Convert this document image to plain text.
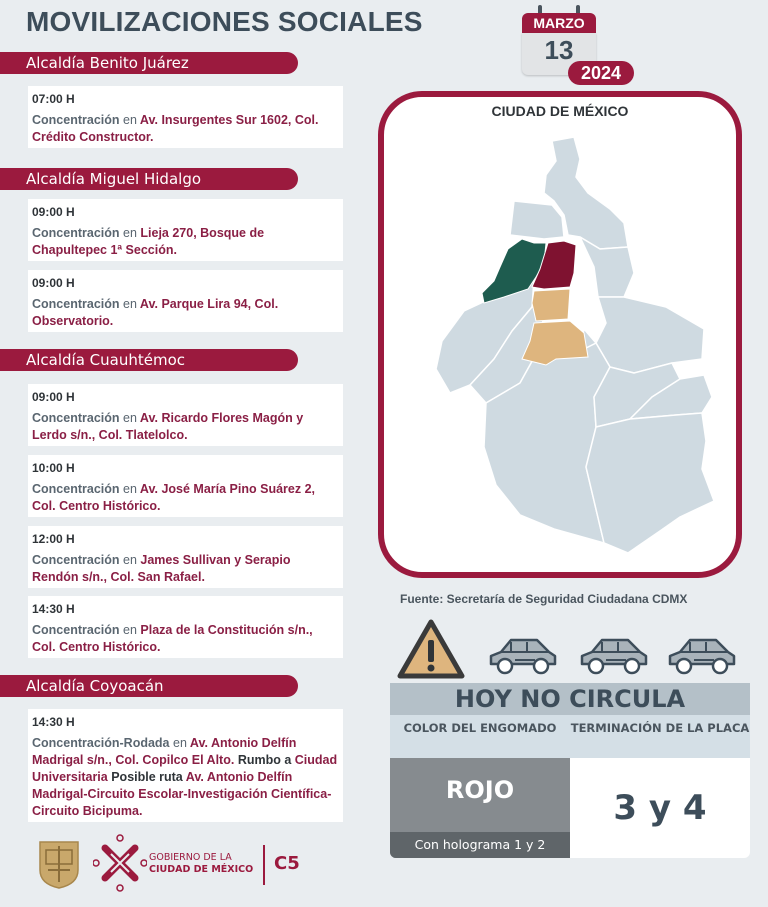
MOVILIZACIONES SOCIALES	MARZO
13
2024
Alcaldía Benito Juárez
07:00 H
Concentración en Av. Insurgentes Sur 1602, Col. Crédito Constructor.
Alcaldía Miguel Hidalgo
09:00 H
Concentración en Lieja 270, Bosque de Chapultepec 1ª Sección.
09:00 H
Concentración en Av. Parque Lira 94, Col. Observatorio.
Alcaldía Cuauhtémoc
09:00 H
Concentración en Av. Ricardo Flores Magón y Lerdo s/n., Col. Tlatelolco.
10:00 H
Concentración en Av. José María Pino Suárez 2, Col. Centro Histórico.
12:00 H
Concentración en James Sullivan y Serapio Rendón s/n., Col. San Rafael.
14:30 H
Concentración en Plaza de la Constitución s/n., Col. Centro Histórico.
Alcaldía Coyoacán
14:30 H
Concentración-Rodada en Av. Antonio Delfín Madrigal s/n., Col. Copilco El Alto. Rumbo a Ciudad Universitaria Posible ruta Av. Antonio Delfín Madrigal-Circuito Escolar-Investigación Científica-Circuito Bicipuma.
CIUDAD DE MÉXICO
Fuente: Secretaría de Seguridad Ciudadana CDMX
HOY NO CIRCULA
COLOR DEL ENGOMADO	TERMINACIÓN DE LA PLACA
ROJO
Con holograma 1 y 2
3 y 4
GOBIERNO DE LA
CIUDAD DE MÉXICO C5
